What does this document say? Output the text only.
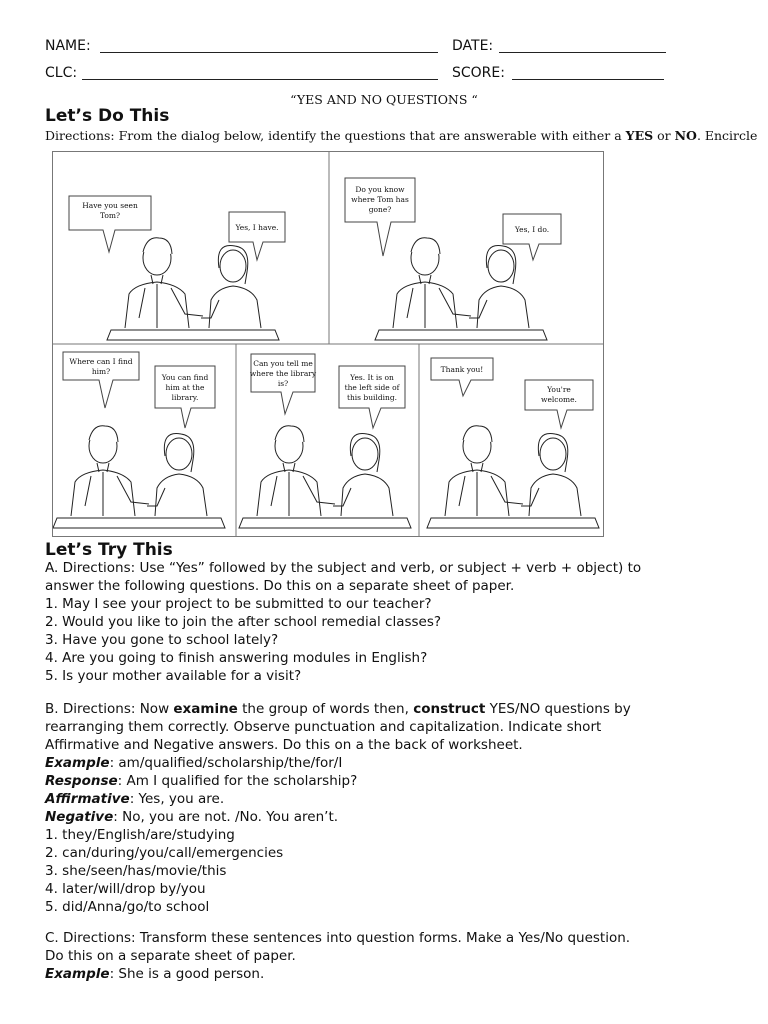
NAME:	DATE:
CLC:	SCORE:
“YES AND NO QUESTIONS “
Let’s Do This
Directions: From the dialog below, identify the questions that are answerable with either a YES or NO. Encircle
Have you seen
Tom?
Yes, I have.
Do you know
where Tom has
gone?
Yes, I do.
Where can I find
him?
You can find
him at the
library.
Can you tell me
where the library
is?
Yes. It is on
the left side of
this building.
Thank you!
You're
welcome.
Let’s Try This
A. Directions: Use “Yes” followed by the subject and verb, or subject + verb + object) to
answer the following questions. Do this on a separate sheet of paper.
1. May I see your project to be submitted to our teacher?
2. Would you like to join the after school remedial classes?
3. Have you gone to school lately?
4. Are you going to finish answering modules in English?
5. Is your mother available for a visit?
B. Directions: Now examine the group of words then, construct YES/NO questions by
rearranging them correctly. Observe punctuation and capitalization. Indicate short
Affirmative and Negative answers. Do this on a the back of worksheet.
Example: am/qualified/scholarship/the/for/I
Response: Am I qualified for the scholarship?
Affirmative: Yes, you are.
Negative: No, you are not. /No. You aren’t.
1. they/English/are/studying
2. can/during/you/call/emergencies
3. she/seen/has/movie/this
4. later/will/drop by/you
5. did/Anna/go/to school
C. Directions: Transform these sentences into question forms. Make a Yes/No question.
Do this on a separate sheet of paper.
Example: She is a good person.
